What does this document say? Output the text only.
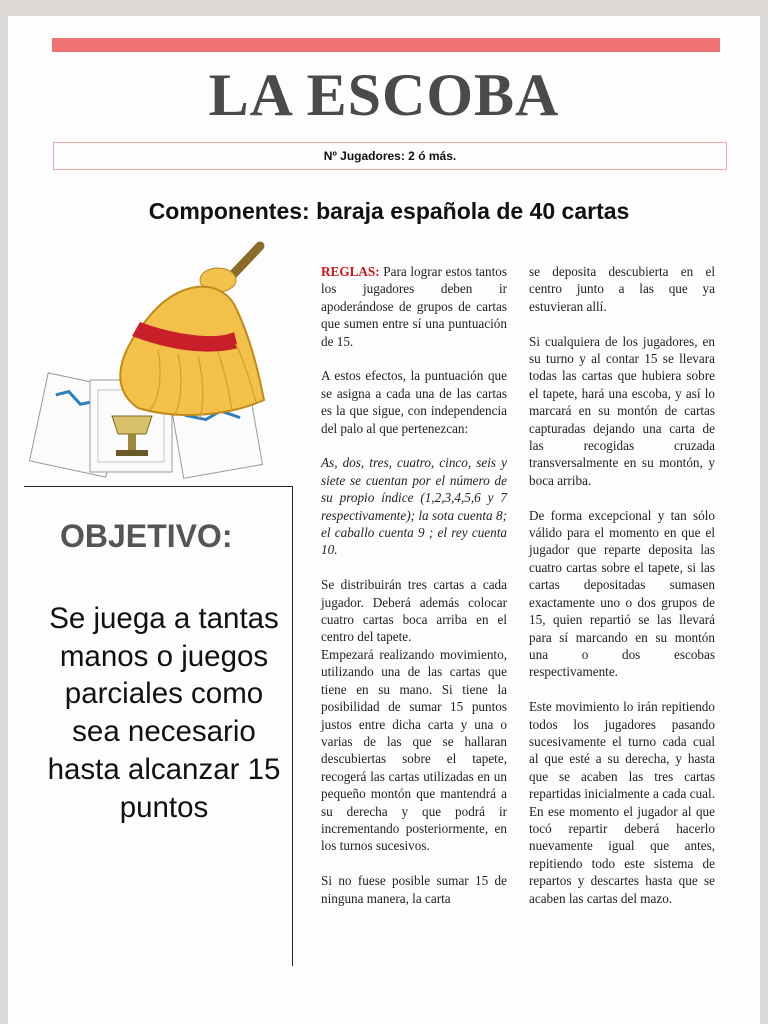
LA ESCOBA
Nº Jugadores: 2 ó más.
Componentes: baraja española de 40 cartas
OBJETIVO:
Se juega a tantas manos o juegos parciales como sea necesario hasta alcanzar 15 puntos

REGLAS: Para lograr estos tantos los jugadores deben ir apoderándose de grupos de cartas que sumen entre sí una puntuación de 15.

A estos efectos, la puntuación que se asigna a cada una de las cartas es la que sigue, con independencia del palo al que pertenezcan:

As, dos, tres, cuatro, cinco, seis y siete se cuentan por el número de su propio índice (1,2,3,4,5,6 y 7 respectivamente); la sota cuenta 8; el caballo cuenta 9 ; el rey cuenta 10.

Se distribuirán tres cartas a cada jugador. Deberá además colocar cuatro cartas boca arriba en el centro del tapete.

Empezará realizando movimiento, utilizando una de las cartas que tiene en su mano. Si tiene la posibilidad de sumar 15 puntos justos entre dicha carta y una o varias de las que se hallaran descubiertas sobre el tapete, recogerá las cartas utilizadas en un pequeño montón que mantendrá a su derecha y que podrá ir incrementando posteriormente, en los turnos sucesivos.

Si no fuese posible sumar 15 de ninguna manera, la carta

se deposita descubierta en el centro junto a las que ya estuvieran allí.

Si cualquiera de los jugadores, en su turno y al contar 15 se llevara todas las cartas que hubiera sobre el tapete, hará una escoba, y así lo marcará en su montón de cartas capturadas dejando una carta de las recogidas cruzada transversalmente en su montón, y boca arriba.

De forma excepcional y tan sólo válido para el momento en que el jugador que reparte deposita las cuatro cartas sobre el tapete, si las cartas depositadas sumasen exactamente uno o dos grupos de 15, quien repartió se las llevará para sí marcando en su montón una o dos escobas respectivamente.

Este movimiento lo irán repitiendo todos los jugadores pasando sucesivamente el turno cada cual al que esté a su derecha, y hasta que se acaben las tres cartas repartidas inicialmente a cada cual. En ese momento el jugador al que tocó repartir deberá hacerlo nuevamente igual que antes, repitiendo todo este sistema de repartos y descartes hasta que se acaben las cartas del mazo.
